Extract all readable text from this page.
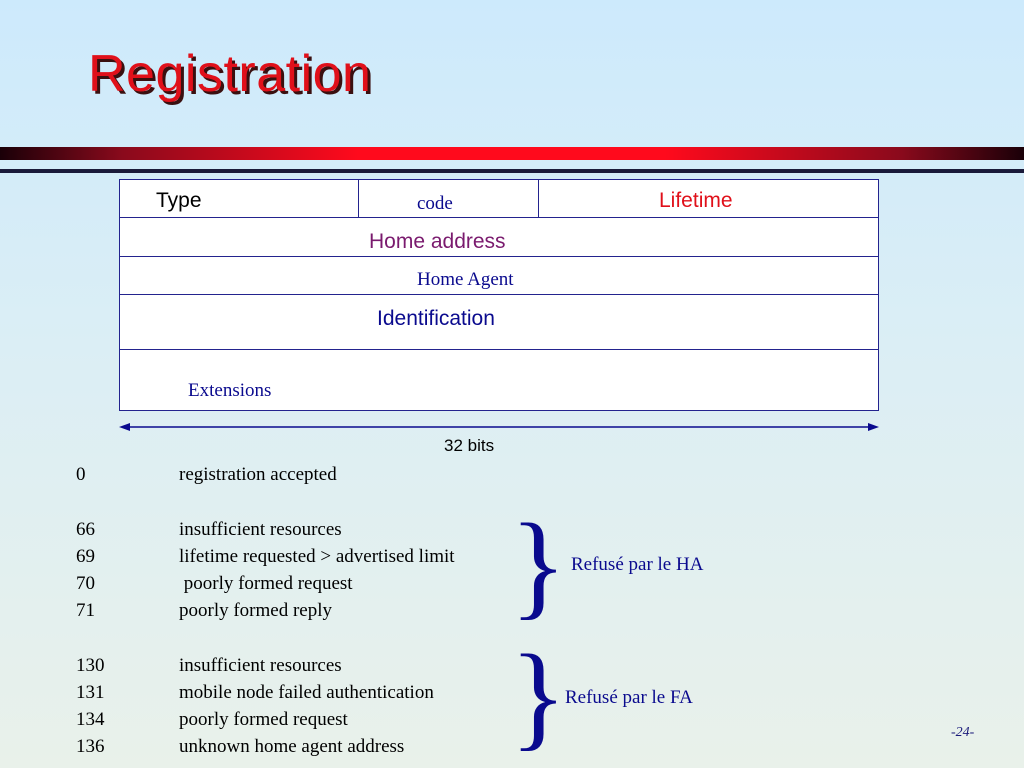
Registration
Type	code	Lifetime
Home address
Home Agent
Identification
Extensions
32 bits
0	registration accepted
66	insufficient resources
69	lifetime requested > advertised limit
70	poorly formed request
71	poorly formed reply
130	insufficient resources
131	mobile node failed authentication
134	poorly formed request
136	unknown home agent address
} Refusé par le HA
}
Refusé par le FA
-24-
